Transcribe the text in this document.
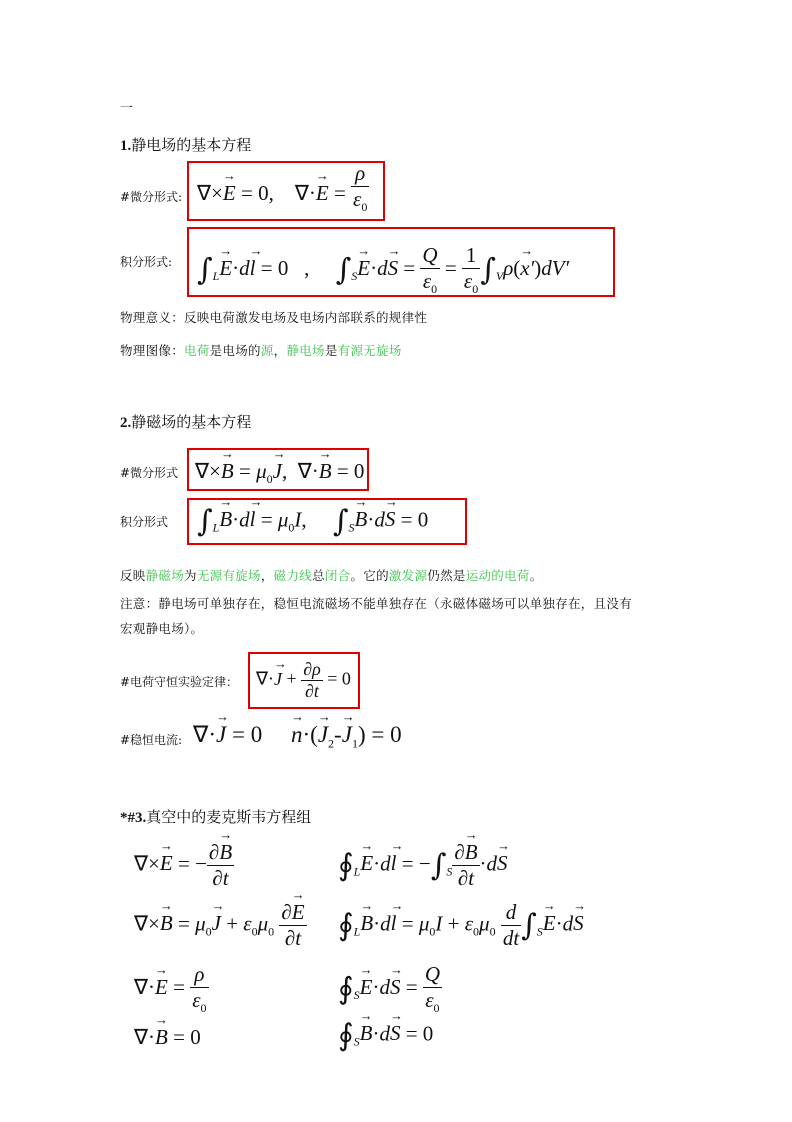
一
1.静电场的基本方程
#微分形式: ∇×→ E = 0,    ∇·→ $E = \frac{\rho}{\varepsilon_0}$
积分形式: $\int_L\to E\cdot d\to l = 0$   ,     $\int_S\to E\cdot d\to S = \frac{Q}{\varepsilon_0} = \frac{1}{\varepsilon_0} \int_V\rho(\to x')dV'$
物理意义：反映电荷激发电场及电场内部联系的规律性
物理图像：电荷是电场的源，静电场是有源无旋场
2.静磁场的基本方程
#微分形式 ∇×→ $B = \mu_0\to J$,  ∇·→ B = 0
积分形式 $\int_L\to B\cdot d\to l = \mu_0I$,     $\int_S\to B\cdot d\to S = 0$
反映静磁场为无源有旋场，磁力线总闭合。它的激发源仍然是运动的电荷。
注意：静电场可单独存在，稳恒电流磁场不能单独存在（永磁体磁场可以单独存在，且没有
宏观静电场）。
#电荷守恒实验定律： ∇·→ $J + \frac{\partial\rho}{\partial t} = 0$
#稳恒电流: ∇·→ J = 0     → $n\cdot(\to J_2-\to J_1) = 0$
*#3.真空中的麦克斯韦方程组
∇×→ E = − $\frac{\partial\to B}{\partial t}$
∇×→ $B = \mu_0\to J + \varepsilon_0\mu_0 \frac{\partial\to E}{\partial t}$
∇·→ $E = \frac{\rho}{\varepsilon_0}$
∇·→ B = 0
$∮_L\to E\cdot d\to l = -\int_S \frac{\partial\to B}{\partial t} \cdot d\to S$
$∮_L\to B\cdot d\to l = \mu_0I + \varepsilon_0\mu_0 \frac{d}{dt} \int_S\to E\cdot d\to S$
$∮_S\to E\cdot d\to S = \frac{Q}{\varepsilon_0}$
$∮_S\to B\cdot d\to S = 0$
